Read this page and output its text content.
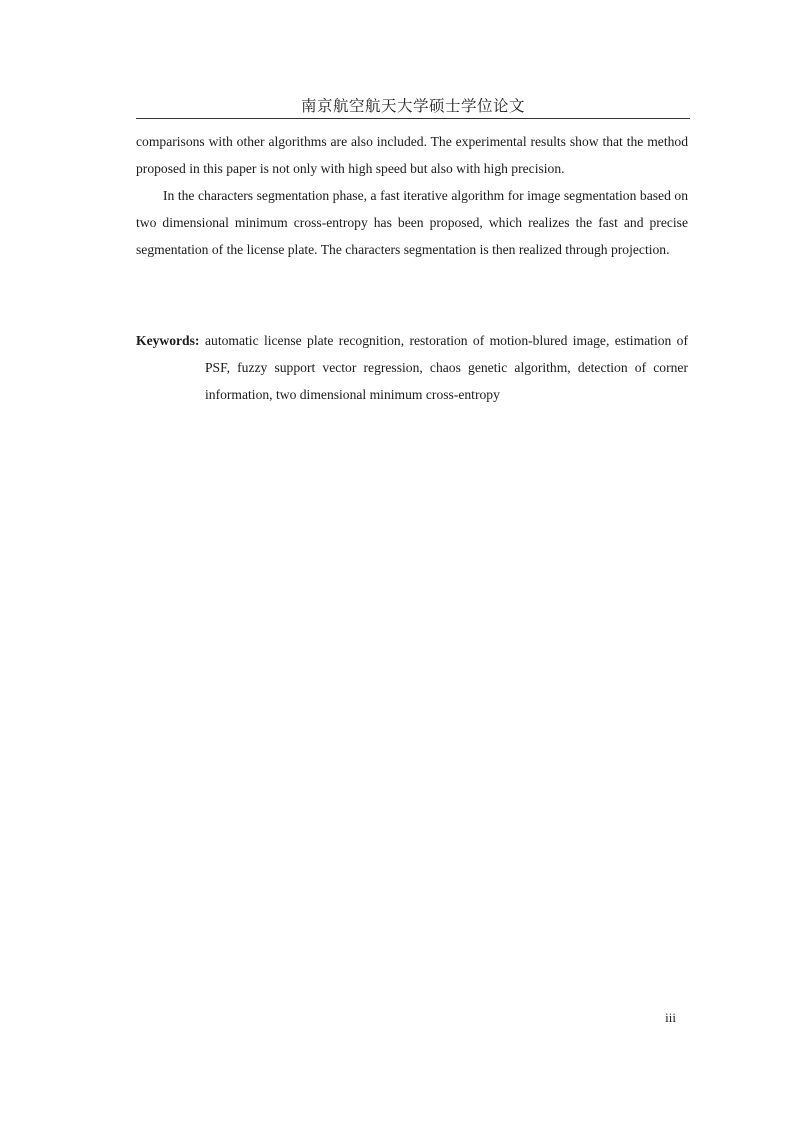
南京航空航天大学硕士学位论文

comparisons with other algorithms are also included. The experimental results show that the method proposed in this paper is not only with high speed but also with high precision.

In the characters segmentation phase, a fast iterative algorithm for image segmentation based on two dimensional minimum cross-entropy has been proposed, which realizes the fast and precise segmentation of the license plate. The characters segmentation is then realized through projection.

Keywords: automatic license plate recognition, restoration of motion-blured image, estimation of PSF, fuzzy support vector regression, chaos genetic algorithm, detection of corner information, two dimensional minimum cross-entropy
iii
